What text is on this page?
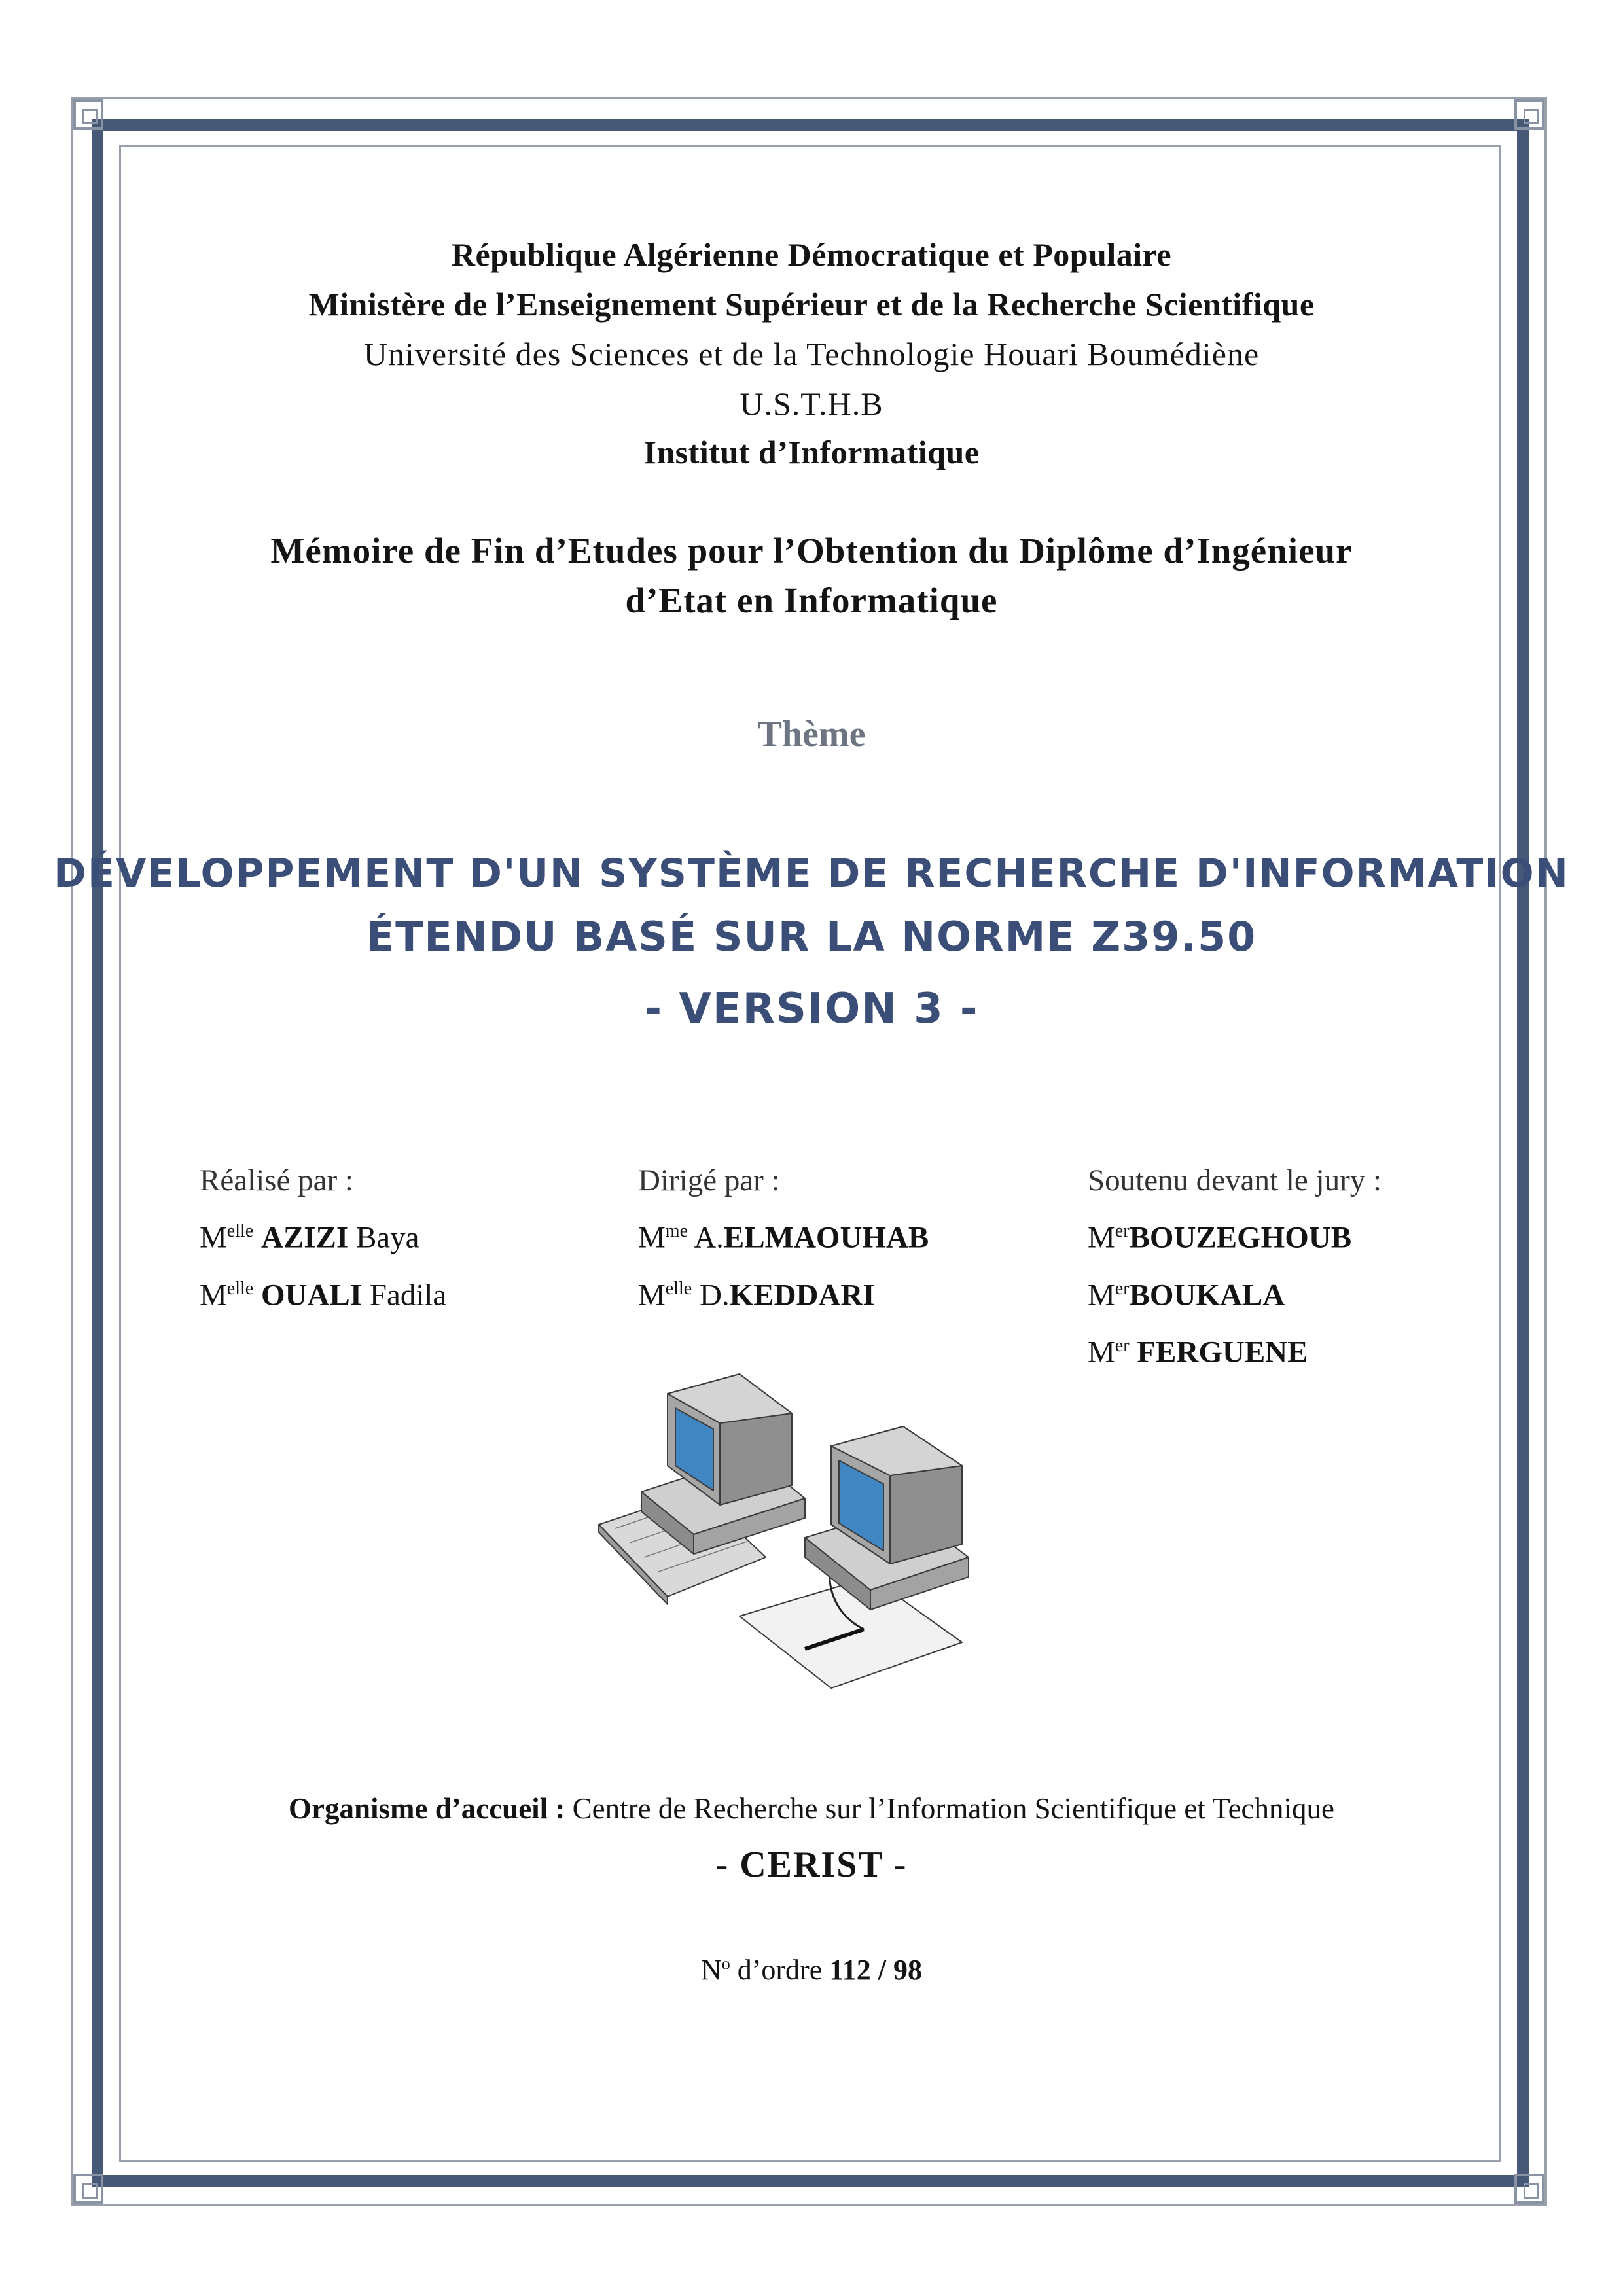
République Algérienne Démocratique et Populaire
Ministère de l’Enseignement Supérieur et de la Recherche Scientifique
Université des Sciences et de la Technologie Houari Boumédiène
U.S.T.H.B
Institut d’Informatique
Mémoire de Fin d’Etudes pour l’Obtention du Diplôme d’Ingénieur
d’Etat en Informatique
Thème
DÉVELOPPEMENT D'UN SYSTÈME DE RECHERCHE D'INFORMATION
ÉTENDU BASÉ SUR LA NORME Z39.50
- VERSION 3 -
Réalisé par :
$M^{elle}$ AZIZI Baya
$M^{elle}$ OUALI Fadila
Dirigé par :
$M^{me}$ A.ELMAOUHAB
$M^{elle}$ D.KEDDARI
Soutenu devant le jury :
MerBOUZEGHOUB
MerBOUKALA
Mer FERGUENE
Organisme d’accueil : Centre de Recherche sur l’Information Scientifique et Technique
- CERIST -
$N^o$ d’ordre 112 / 98
